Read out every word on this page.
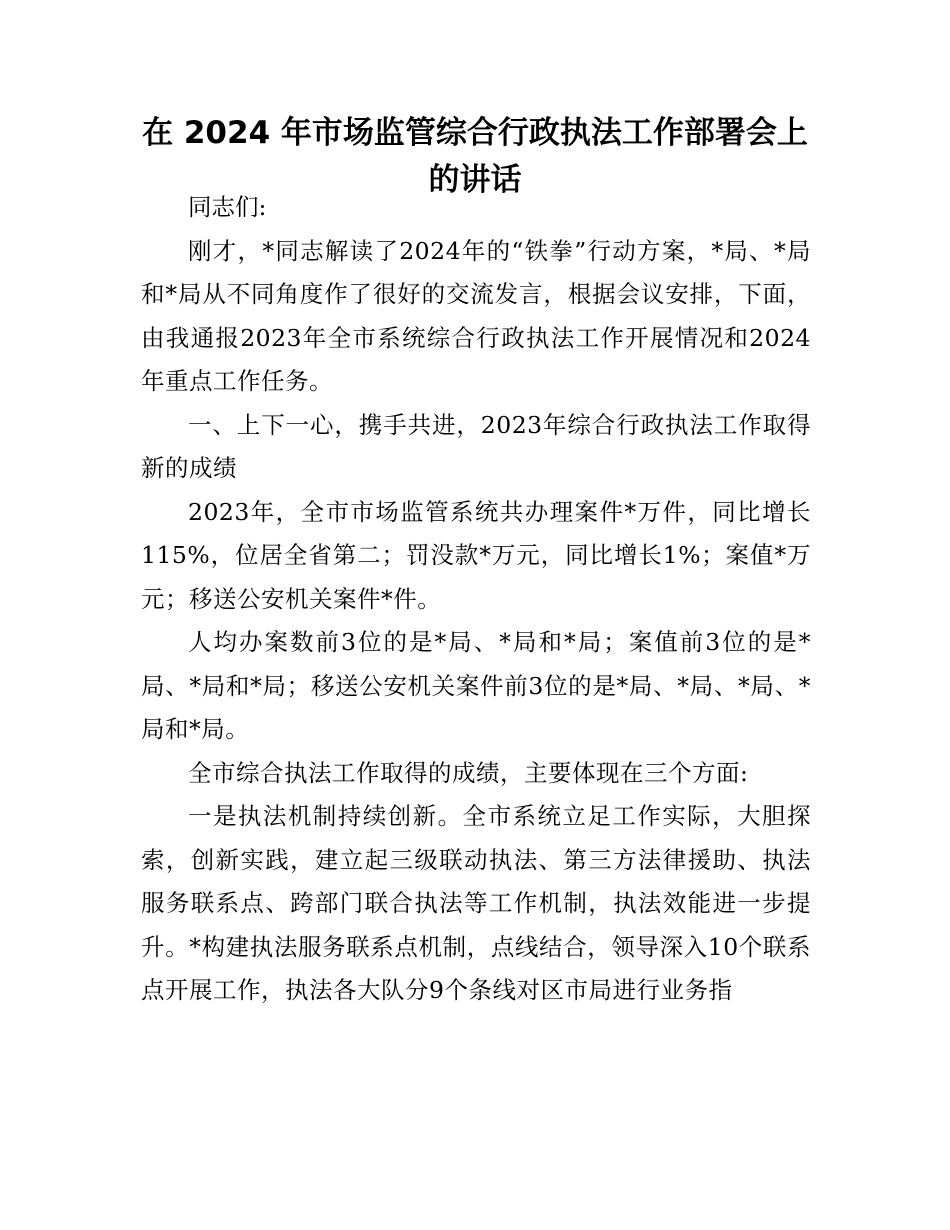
在 2024 年市场监管综合行政执法工作部署会上的讲话

同志们:

刚才，*同志解读了2024年的“铁拳”行动方案，*局、*局和*局从不同角度作了很好的交流发言，根据会议安排，下面，由我通报2023年全市系统综合行政执法工作开展情况和2024年重点工作任务。

一、上下一心，携手共进，2023年综合行政执法工作取得新的成绩

2023年，全市市场监管系统共办理案件*万件，同比增长115%，位居全省第二；罚没款*万元，同比增长1%；案值*万元；移送公安机关案件*件。

人均办案数前3位的是*局、*局和*局；案值前3位的是*局、*局和*局；移送公安机关案件前3位的是*局、*局、*局、*局和*局。

全市综合执法工作取得的成绩，主要体现在三个方面:

一是执法机制持续创新。全市系统立足工作实际，大胆探索，创新实践，建立起三级联动执法、第三方法律援助、执法服务联系点、跨部门联合执法等工作机制，执法效能进一步提升。*构建执法服务联系点机制，点线结合，领导深入10个联系点开展工作，执法各大队分9个条线对区市局进行业务指
